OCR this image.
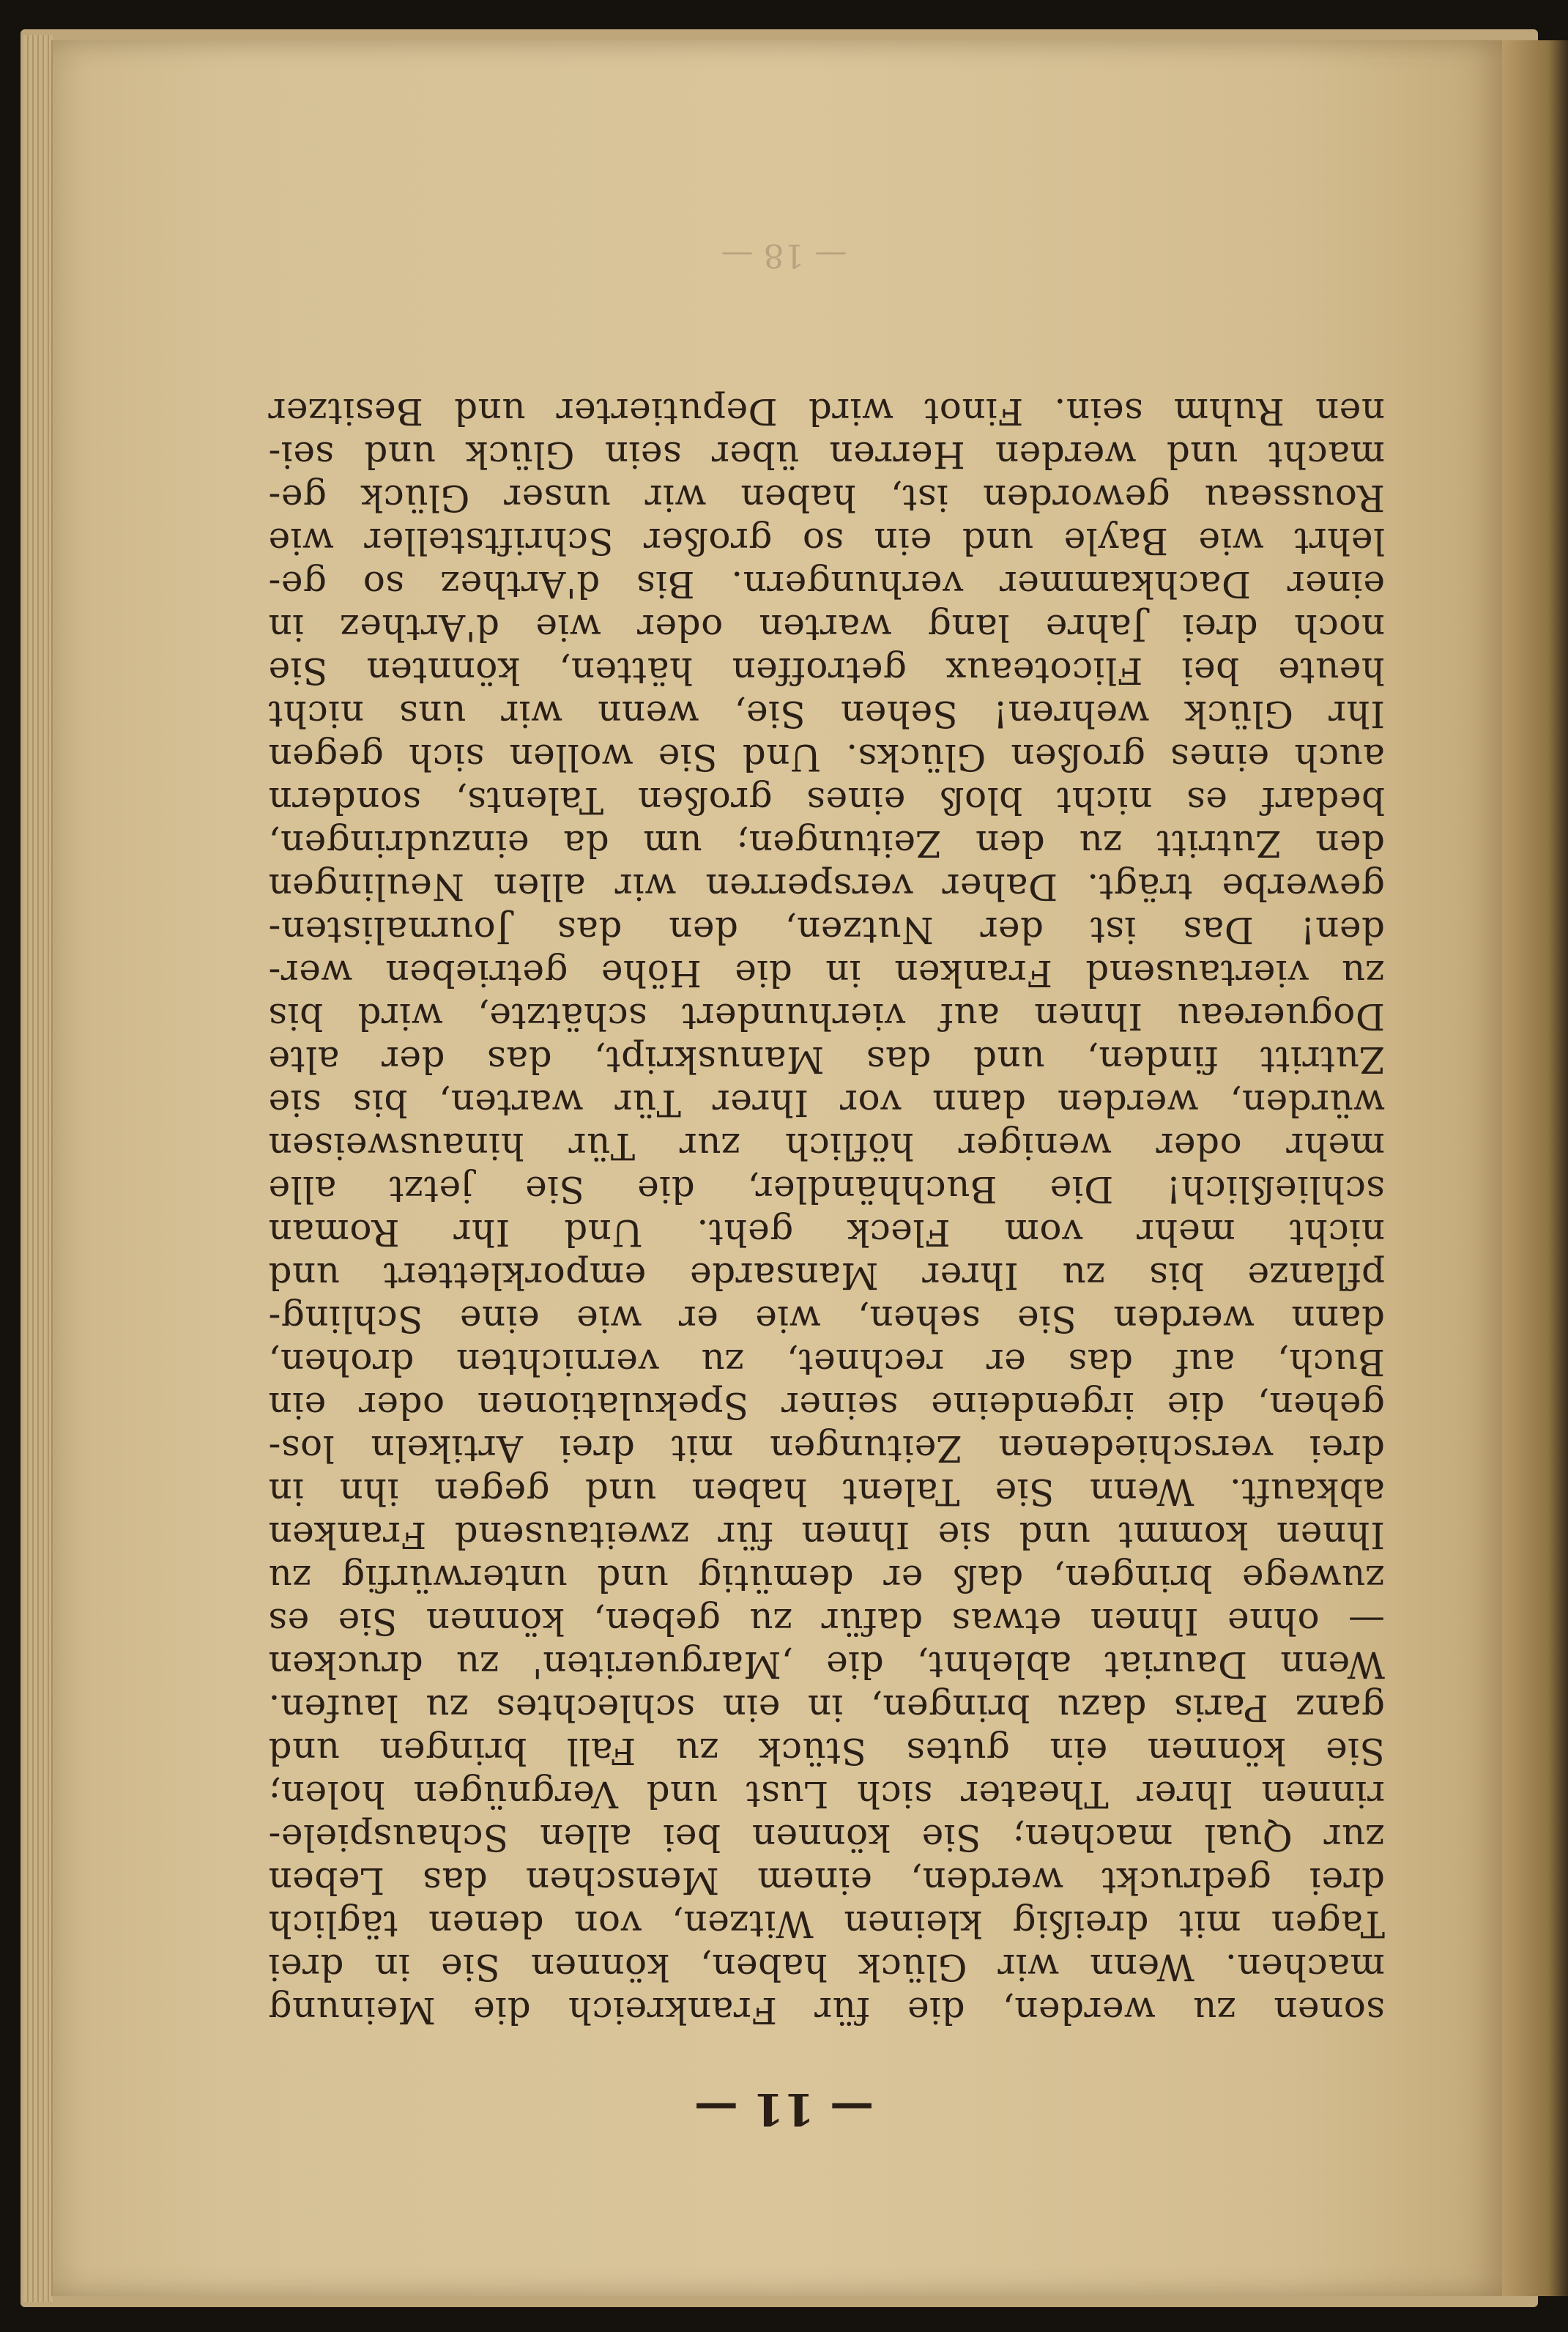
— 11 —
sonen zu werden, die für Frankreich die Meinung
machen. Wenn wir Glück haben, können Sie in drei
Tagen mit dreißig kleinen Witzen, von denen täglich
drei gedruckt werden, einem Menschen das Leben
zur Qual machen; Sie können bei allen Schauspiele-
rinnen Ihrer Theater sich Lust und Vergnügen holen;
Sie können ein gutes Stück zu Fall bringen und
ganz Paris dazu bringen, in ein schlechtes zu laufen.
Wenn Dauriat ablehnt, die ‚Margueriten' zu drucken
— ohne Ihnen etwas dafür zu geben, können Sie es
zuwege bringen, daß er demütig und unterwürfig zu
Ihnen kommt und sie Ihnen für zweitausend Franken
abkauft. Wenn Sie Talent haben und gegen ihn in
drei verschiedenen Zeitungen mit drei Artikeln los-
gehen, die irgendeine seiner Spekulationen oder ein
Buch, auf das er rechnet, zu vernichten drohen,
dann werden Sie sehen, wie er wie eine Schling-
pflanze bis zu Ihrer Mansarde emporklettert und
nicht mehr vom Fleck geht. Und Ihr Roman
schließlich! Die Buchhändler, die Sie jetzt alle
mehr oder weniger höflich zur Tür hinausweisen
würden, werden dann vor Ihrer Tür warten, bis sie
Zutritt finden, und das Manuskript, das der alte
Doguereau Ihnen auf vierhundert schätzte, wird bis
zu viertausend Franken in die Höhe getrieben wer-
den! Das ist der Nutzen, den das Journalisten-
gewerbe trägt. Daher versperren wir allen Neulingen
den Zutritt zu den Zeitungen; um da einzudringen,
bedarf es nicht bloß eines großen Talents, sondern
auch eines großen Glücks. Und Sie wollen sich gegen
Ihr Glück wehren! Sehen Sie, wenn wir uns nicht
heute bei Flicoteaux getroffen hätten, könnten Sie
noch drei Jahre lang warten oder wie d'Arthez in
einer Dachkammer verhungern. Bis d'Arthez so ge-
lehrt wie Bayle und ein so großer Schriftsteller wie
Rousseau geworden ist, haben wir unser Glück ge-
macht und werden Herren über sein Glück und sei-
nen Ruhm sein. Finot wird Deputierter und Besitzer
— 18 —
